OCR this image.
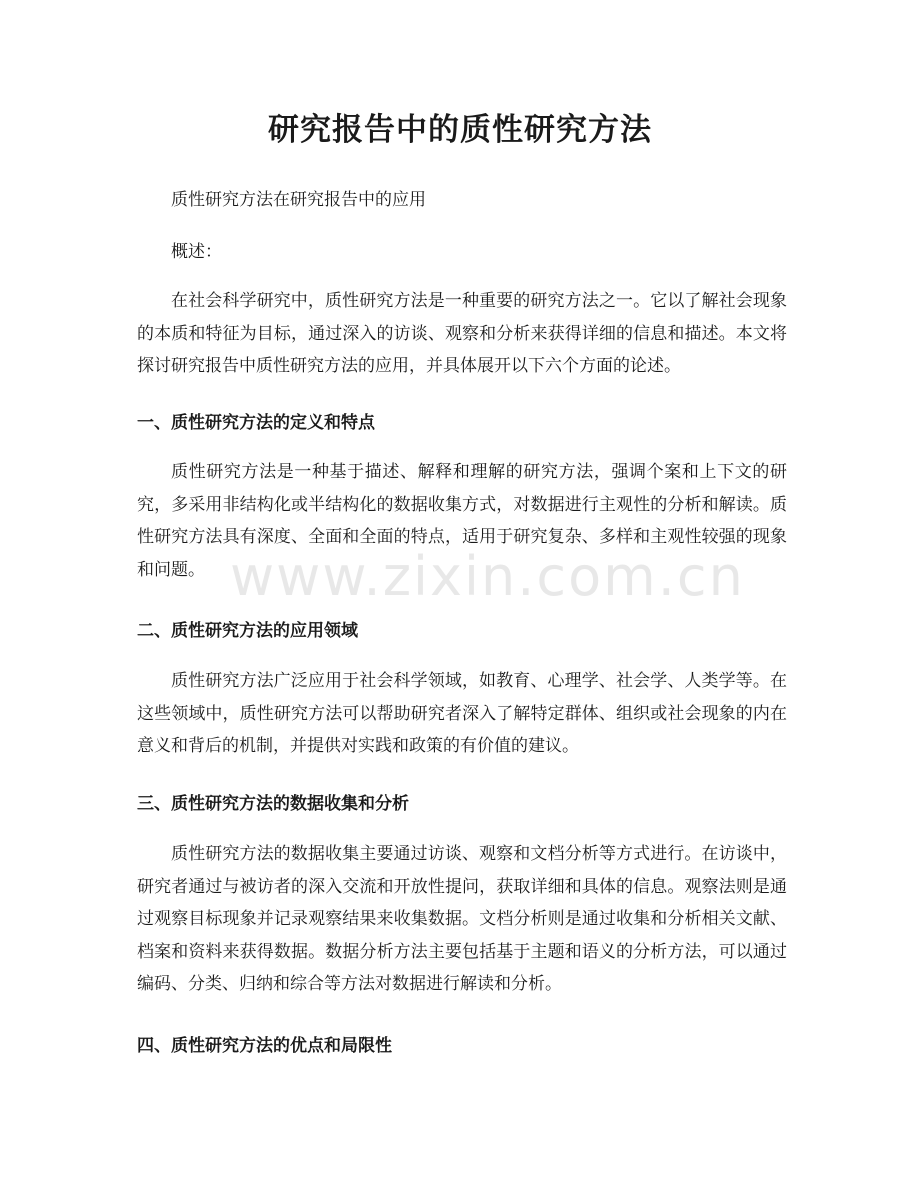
研究报告中的质性研究方法

质性研究方法在研究报告中的应用

概述：

在社会科学研究中，质性研究方法是一种重要的研究方法之一。它以了解社会现象的本质和特征为目标，通过深入的访谈、观察和分析来获得详细的信息和描述。本文将探讨研究报告中质性研究方法的应用，并具体展开以下六个方面的论述。

一、质性研究方法的定义和特点

质性研究方法是一种基于描述、解释和理解的研究方法，强调个案和上下文的研究，多采用非结构化或半结构化的数据收集方式，对数据进行主观性的分析和解读。质性研究方法具有深度、全面和全面的特点，适用于研究复杂、多样和主观性较强的现象和问题。

二、质性研究方法的应用领域

质性研究方法广泛应用于社会科学领域，如教育、心理学、社会学、人类学等。在这些领域中，质性研究方法可以帮助研究者深入了解特定群体、组织或社会现象的内在意义和背后的机制，并提供对实践和政策的有价值的建议。

三、质性研究方法的数据收集和分析

质性研究方法的数据收集主要通过访谈、观察和文档分析等方式进行。在访谈中，研究者通过与被访者的深入交流和开放性提问，获取详细和具体的信息。观察法则是通过观察目标现象并记录观察结果来收集数据。文档分析则是通过收集和分析相关文献、档案和资料来获得数据。数据分析方法主要包括基于主题和语义的分析方法，可以通过编码、分类、归纳和综合等方法对数据进行解读和分析。

四、质性研究方法的优点和局限性
www.zixin.com.cn
